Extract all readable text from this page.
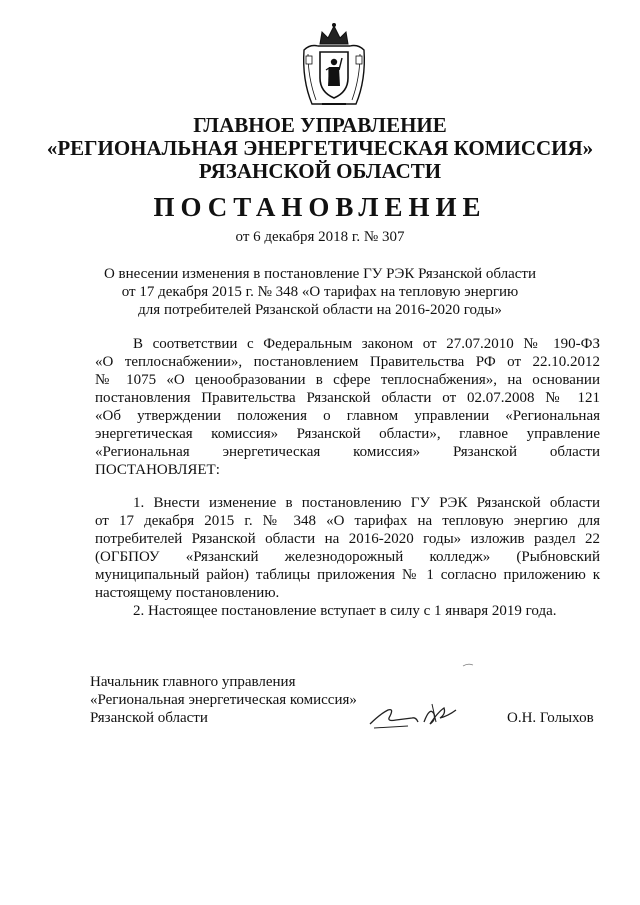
ГЛАВНОЕ УПРАВЛЕНИЕ
«РЕГИОНАЛЬНАЯ ЭНЕРГЕТИЧЕСКАЯ КОМИССИЯ»
РЯЗАНСКОЙ ОБЛАСТИ
ПОСТАНОВЛЕНИЕ
от 6 декабря 2018 г. № 307
О внесении изменения в постановление ГУ РЭК Рязанской области
от 17 декабря 2015 г. № 348 «О тарифах на тепловую энергию
для потребителей Рязанской области на 2016-2020 годы»
В соответствии с Федеральным законом от 27.07.2010 № 190-ФЗ
«О теплоснабжении», постановлением Правительства РФ от 22.10.2012
№ 1075 «О ценообразовании в сфере теплоснабжения», на основании
постановления Правительства Рязанской области от 02.07.2008 № 121
«Об утверждении положения о главном управлении «Региональная
энергетическая комиссия» Рязанской области», главное управление
«Региональная энергетическая комиссия» Рязанской области
ПОСТАНОВЛЯЕТ:
1. Внести изменение в постановлению ГУ РЭК Рязанской области
от 17 декабря 2015 г. № 348 «О тарифах на тепловую энергию для
потребителей Рязанской области на 2016-2020 годы» изложив раздел 22
(ОГБПОУ «Рязанский железнодорожный колледж» (Рыбновский
муниципальный район) таблицы приложения № 1 согласно приложению к
настоящему постановлению.
2. Настоящее постановление вступает в силу с 1 января 2019 года.
Начальник главного управления
«Региональная энергетическая комиссия»
Рязанской области	О.Н. Голыхов
